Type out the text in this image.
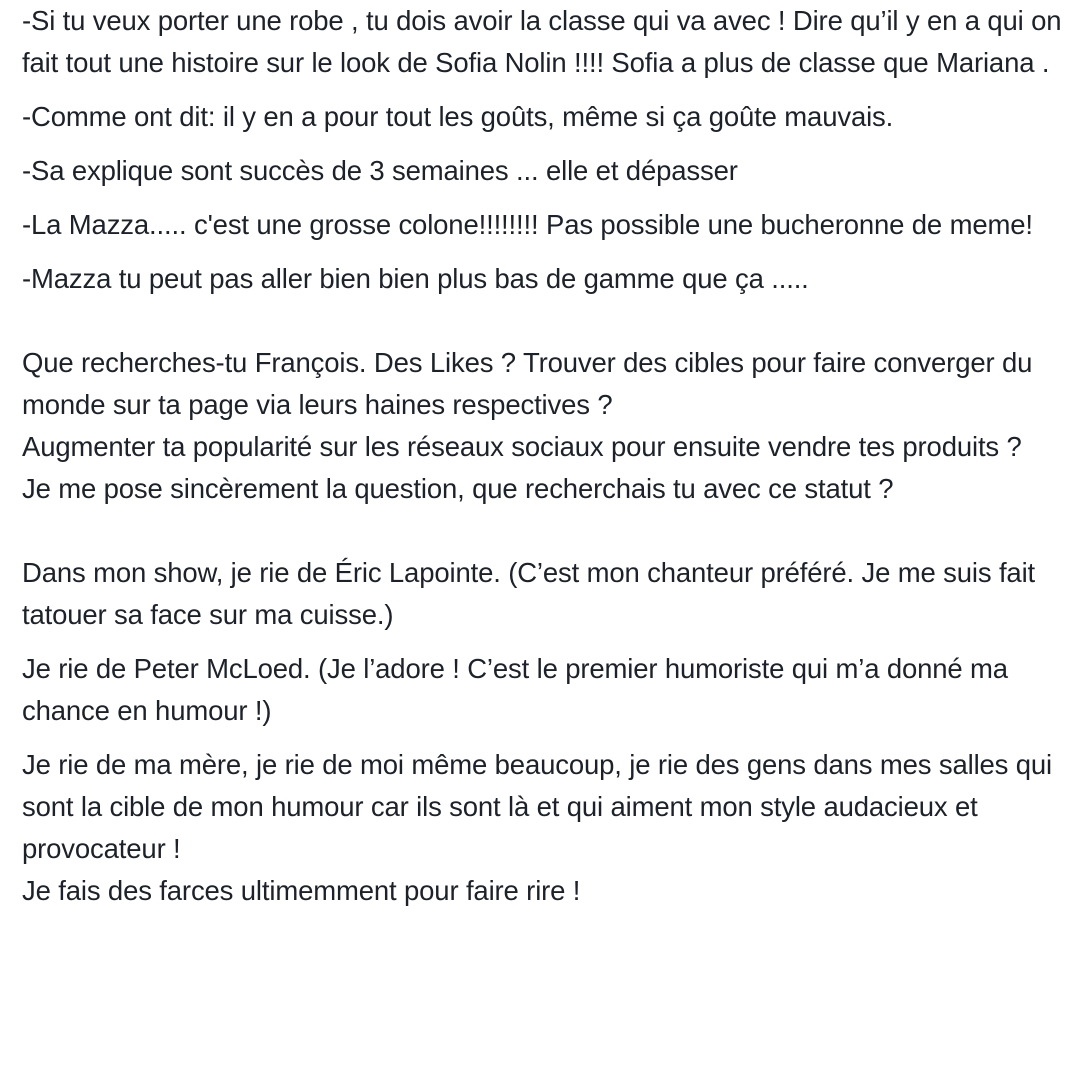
-Si tu veux porter une robe , tu dois avoir la classe qui va avec ! Dire qu’il y en a qui on fait tout une histoire sur le look de Sofia Nolin !!!! Sofia a plus de classe que Mariana .

-Comme ont dit: il y en a pour tout les goûts, même si ça goûte mauvais.

-Sa explique sont succès de 3 semaines ... elle et dépasser

-La Mazza..... c'est une grosse colone!!!!!!!! Pas possible une bucheronne de meme!

-Mazza tu peut pas aller bien bien plus bas de gamme que ça .....

Que recherches-tu François. Des Likes ? Trouver des cibles pour faire converger du monde sur ta page via leurs haines respectives ?
Augmenter ta popularité sur les réseaux sociaux pour ensuite vendre tes produits ?
Je me pose sincèrement la question, que recherchais tu avec ce statut ?

Dans mon show, je rie de Éric Lapointe. (C’est mon chanteur préféré. Je me suis fait tatouer sa face sur ma cuisse.)

Je rie de Peter McLoed. (Je l’adore ! C’est le premier humoriste qui m’a donné ma chance en humour !)

Je rie de ma mère, je rie de moi même beaucoup, je rie des gens dans mes salles qui sont la cible de mon humour car ils sont là et qui aiment mon style audacieux et provocateur !
Je fais des farces ultimemment pour faire rire !
